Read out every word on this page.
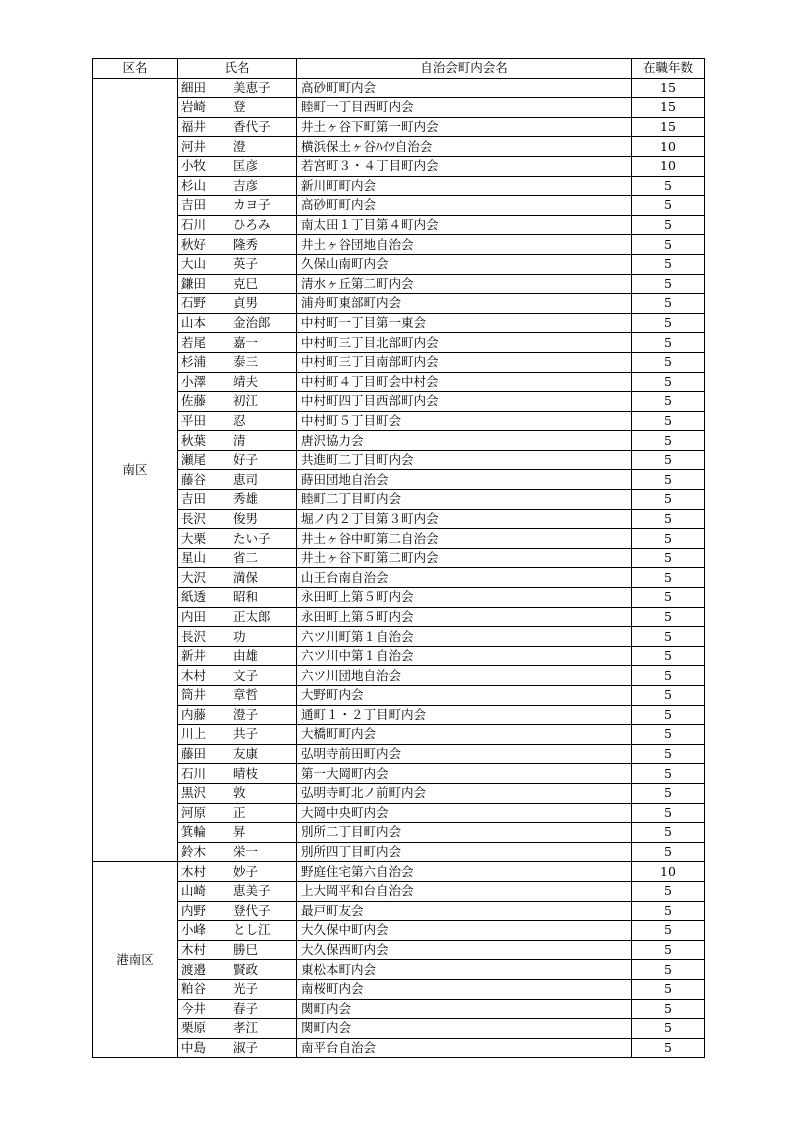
区名	氏名	自治会町内会名	在職年数
南区	細田 美恵子	高砂町町内会	15
	岩崎 登	睦町一丁目西町内会	15
	福井 香代子	井土ヶ谷下町第一町内会	15
	河井 澄	横浜保土ヶ谷ﾊｲﾂ自治会	10
	小牧 匡彦	若宮町３・４丁目町内会	10
	杉山 吉彦	新川町町内会	5
	吉田 カヨ子	高砂町町内会	5
	石川 ひろみ	南太田１丁目第４町内会	5
	秋好 隆秀	井土ヶ谷団地自治会	5
	大山 英子	久保山南町内会	5
	鎌田 克巳	清水ヶ丘第二町内会	5
	石野 貞男	浦舟町東部町内会	5
	山本 金治郎	中村町一丁目第一東会	5
	若尾 嘉一	中村町三丁目北部町内会	5
	杉浦 泰三	中村町三丁目南部町内会	5
	小澤 靖夫	中村町４丁目町会中村会	5
	佐藤 初江	中村町四丁目西部町内会	5
	平田 忍	中村町５丁目町会	5
	秋葉 清	唐沢協力会	5
	瀬尾 好子	共進町二丁目町内会	5
	藤谷 恵司	蒔田団地自治会	5
	吉田 秀雄	睦町二丁目町内会	5
	長沢 俊男	堀ノ内２丁目第３町内会	5
	大栗 たい子	井土ヶ谷中町第二自治会	5
	星山 省二	井土ヶ谷下町第二町内会	5
	大沢 満保	山王台南自治会	5
	紙透 昭和	永田町上第５町内会	5
	内田 正太郎	永田町上第５町内会	5
	長沢 功	六ツ川町第１自治会	5
	新井 由雄	六ツ川中第１自治会	5
	木村 文子	六ツ川団地自治会	5
	筒井 章哲	大野町内会	5
	内藤 澄子	通町１・２丁目町内会	5
	川上 共子	大橋町町内会	5
	藤田 友康	弘明寺前田町内会	5
	石川 晴枝	第一大岡町内会	5
	黒沢 敦	弘明寺町北ノ前町内会	5
	河原 正	大岡中央町内会	5
	箕輪 昇	別所二丁目町内会	5
	鈴木 栄一	別所四丁目町内会	5
港南区	木村 妙子	野庭住宅第六自治会	10
	山崎 恵美子	上大岡平和台自治会	5
	内野 登代子	最戸町友会	5
	小峰 とし江	大久保中町内会	5
	木村 勝巳	大久保西町内会	5
	渡邉 賢政	東松本町内会	5
	粕谷 光子	南桜町内会	5
	今井 春子	関町内会	5
	栗原 孝江	関町内会	5
	中島 淑子	南平台自治会	5
